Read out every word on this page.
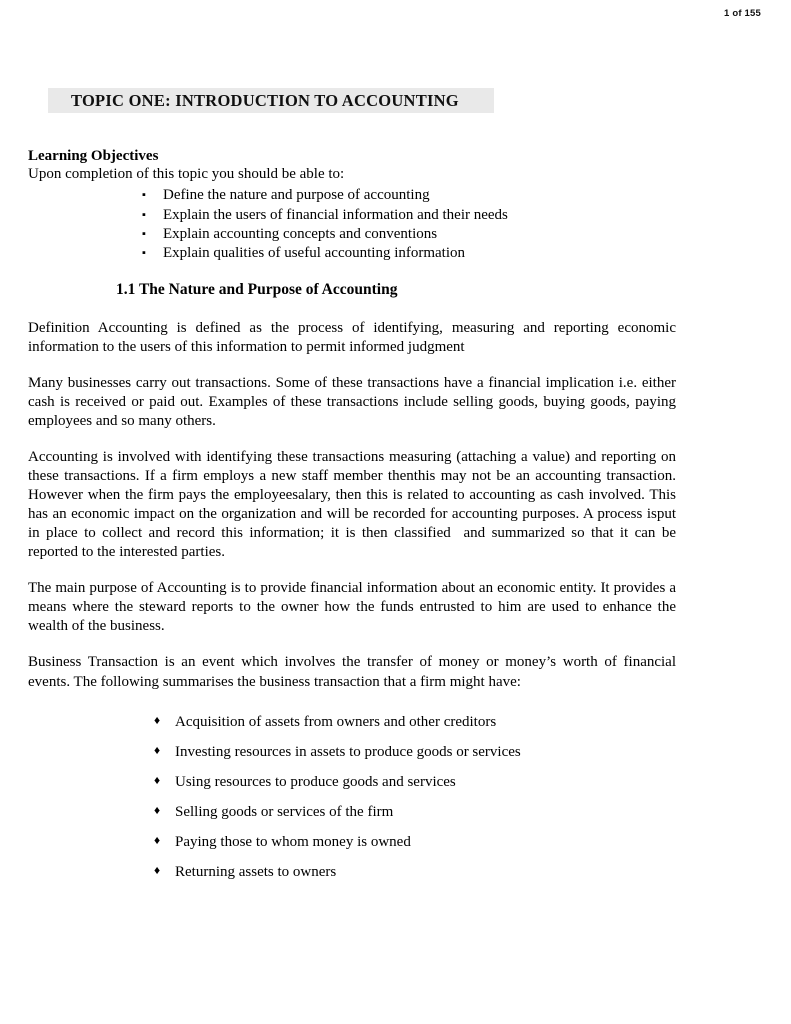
1 of 155
TOPIC ONE: INTRODUCTION TO ACCOUNTING
Learning Objectives

Upon completion of this topic you should be able to:

▪ Define the nature and purpose of accounting
▪ Explain the users of financial information and their needs
▪ Explain accounting concepts and conventions
▪ Explain qualities of useful accounting information
1.1 The Nature and Purpose of Accounting

Definition Accounting is defined as the process of identifying, measuring and reporting economic information to the users of this information to permit informed judgment

Many businesses carry out transactions. Some of these transactions have a financial implication i.e. either cash is received or paid out. Examples of these transactions include selling goods, buying goods, paying employees and so many others.

Accounting is involved with identifying these transactions measuring (attaching a value) and reporting on these transactions. If a firm employs a new staff member thenthis may not be an accounting transaction. However when the firm pays the employeesalary, then this is related to accounting as cash involved. This has an economic impact on the organization and will be recorded for accounting purposes. A process isput in place to collect and record this information; it is then classified  and summarized so that it can be reported to the interested parties.

The main purpose of Accounting is to provide financial information about an economic entity. It provides a means where the steward reports to the owner how the funds entrusted to him are used to enhance the wealth of the business.

Business Transaction is an event which involves the transfer of money or money’s worth of financial events. The following summarises the business transaction that a firm might have:

♦ Acquisition of assets from owners and other creditors
♦ Investing resources in assets to produce goods or services
♦ Using resources to produce goods and services
♦ Selling goods or services of the firm
♦ Paying those to whom money is owned
♦ Returning assets to owners
